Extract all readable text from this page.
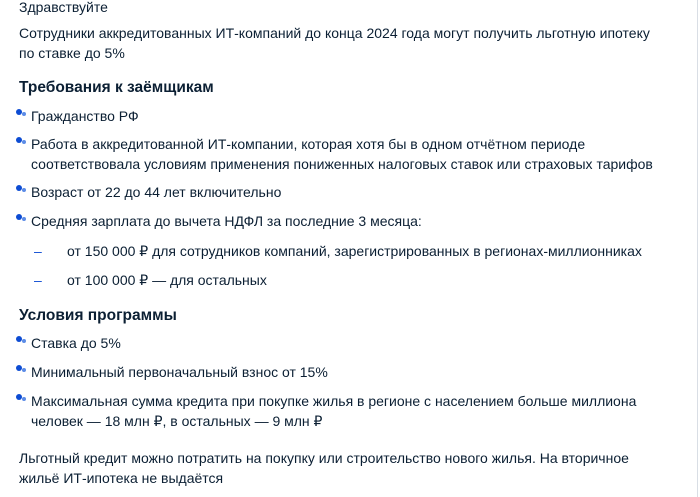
Здравствуйте
Сотрудники аккредитованных ИТ-компаний до конца 2024 года могут получить льготную ипотеку по ставке до 5%
Требования к заёмщикам
Гражданство РФ
Работа в аккредитованной ИТ-компании, которая хотя бы в одном отчётном периоде соответствовала условиям применения пониженных налоговых ставок или страховых тарифов
Возраст от 22 до 44 лет включительно
Средняя зарплата до вычета НДФЛ за последние 3 месяца:
– от 150 000 ₽ для сотрудников компаний, зарегистрированных в регионах-миллионниках
– от 100 000 ₽ — для остальных
Условия программы
Ставка до 5%
Минимальный первоначальный взнос от 15%
Максимальная сумма кредита при покупке жилья в регионе с населением больше миллиона человек — 18 млн ₽, в остальных — 9 млн ₽
Льготный кредит можно потратить на покупку или строительство нового жилья. На вторичное жильё ИТ-ипотека не выдаётся
